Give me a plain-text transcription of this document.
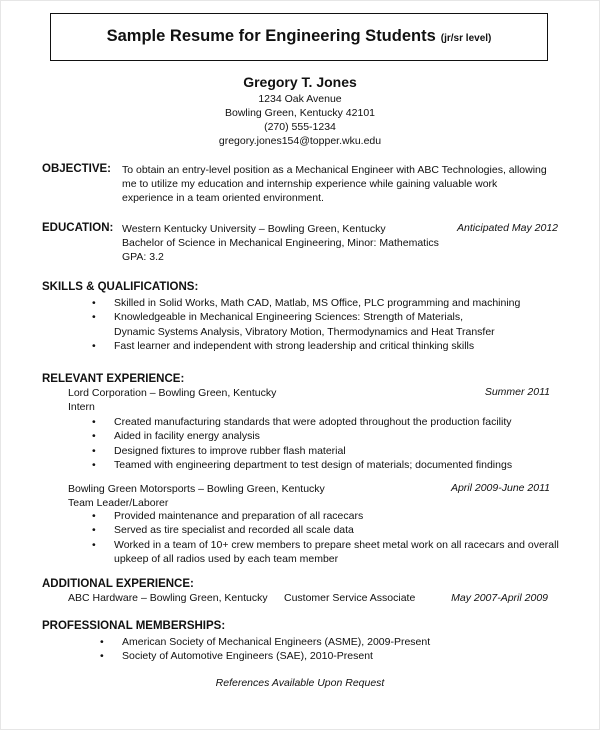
Sample Resume for Engineering Students (jr/sr level)
Gregory T. Jones
1234 Oak Avenue
Bowling Green, Kentucky 42101
(270) 555-1234
gregory.jones154@topper.wku.edu
OBJECTIVE: To obtain an entry-level position as a Mechanical Engineer with ABC Technologies, allowing
me to utilize my education and internship experience while gaining valuable work
experience in a team oriented environment.
EDUCATION: Western Kentucky University – Bowling Green, Kentucky
Bachelor of Science in Mechanical Engineering, Minor: Mathematics
GPA: 3.2
Anticipated May 2012
SKILLS & QUALIFICATIONS:
• Skilled in Solid Works, Math CAD, Matlab, MS Office, PLC programming and machining
• Knowledgeable in Mechanical Engineering Sciences: Strength of Materials,
Dynamic Systems Analysis, Vibratory Motion, Thermodynamics and Heat Transfer
• Fast learner and independent with strong leadership and critical thinking skills
RELEVANT EXPERIENCE:
Lord Corporation – Bowling Green, Kentucky
Intern
Summer 2011
• Created manufacturing standards that were adopted throughout the production facility
• Aided in facility energy analysis
• Designed fixtures to improve rubber flash material
• Teamed with engineering department to test design of materials; documented findings
Bowling Green Motorsports – Bowling Green, Kentucky
Team Leader/Laborer
April 2009-June 2011
• Provided maintenance and preparation of all racecars
• Served as tire specialist and recorded all scale data
• Worked in a team of 10+ crew members to prepare sheet metal work on all racecars and overall
upkeep of all radios used by each team member
ADDITIONAL EXPERIENCE:
ABC Hardware – Bowling Green, Kentucky Customer Service Associate	May 2007-April 2009
PROFESSIONAL MEMBERSHIPS:
• American Society of Mechanical Engineers (ASME), 2009-Present
• Society of Automotive Engineers (SAE), 2010-Present
References Available Upon Request
